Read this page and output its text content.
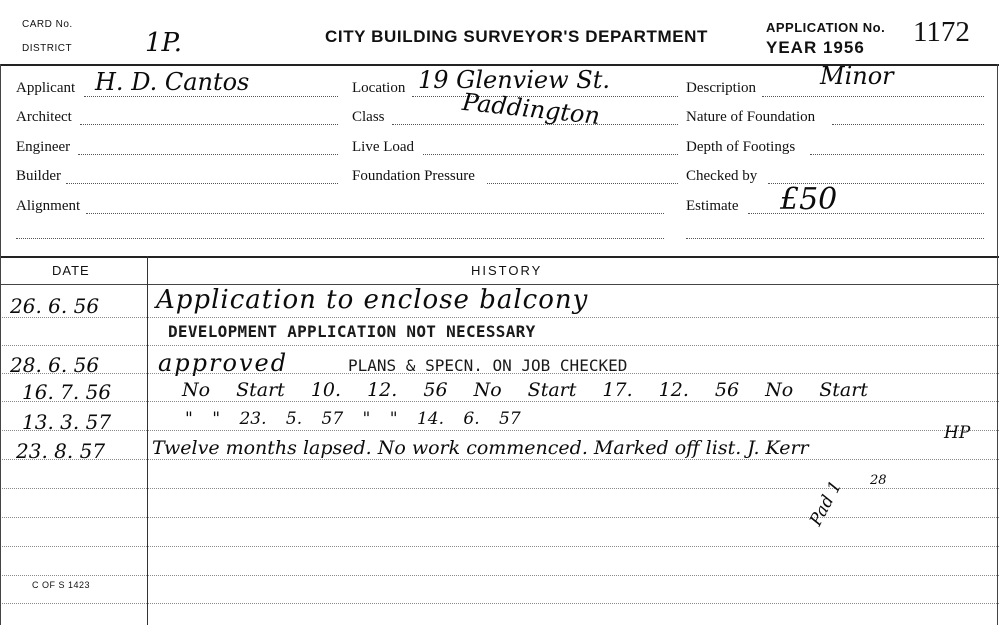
CARD No.
DISTRICT	1P.	CITY BUILDING SURVEYOR'S DEPARTMENT	APPLICATION No.
YEAR 1956 1172
Applicant H. D. Cantos
Architect
Engineer
Builder
Alignment
Location 19 Glenview St.
Class	Paddington
Live Load
Foundation Pressure
Description	Minor
Nature of Foundation
Depth of Footings
Checked by
Estimate £50
DATE	HISTORY
26. 6. 56 Application to enclose balcony
DEVELOPMENT APPLICATION NOT NECESSARY
28. 6. 56 approved	PLANS & SPECN. ON JOB CHECKED
16. 7. 56	No Start 10. 12. 56 No Start 17. 12. 56 No Start
13. 3. 57	" " 23. 5. 57 " " 14. 6. 57
23. 8. 57 Twelve months lapsed. No work commenced. Marked off list. J. Kerr
HP
28
Pad 1
C OF S 1423
